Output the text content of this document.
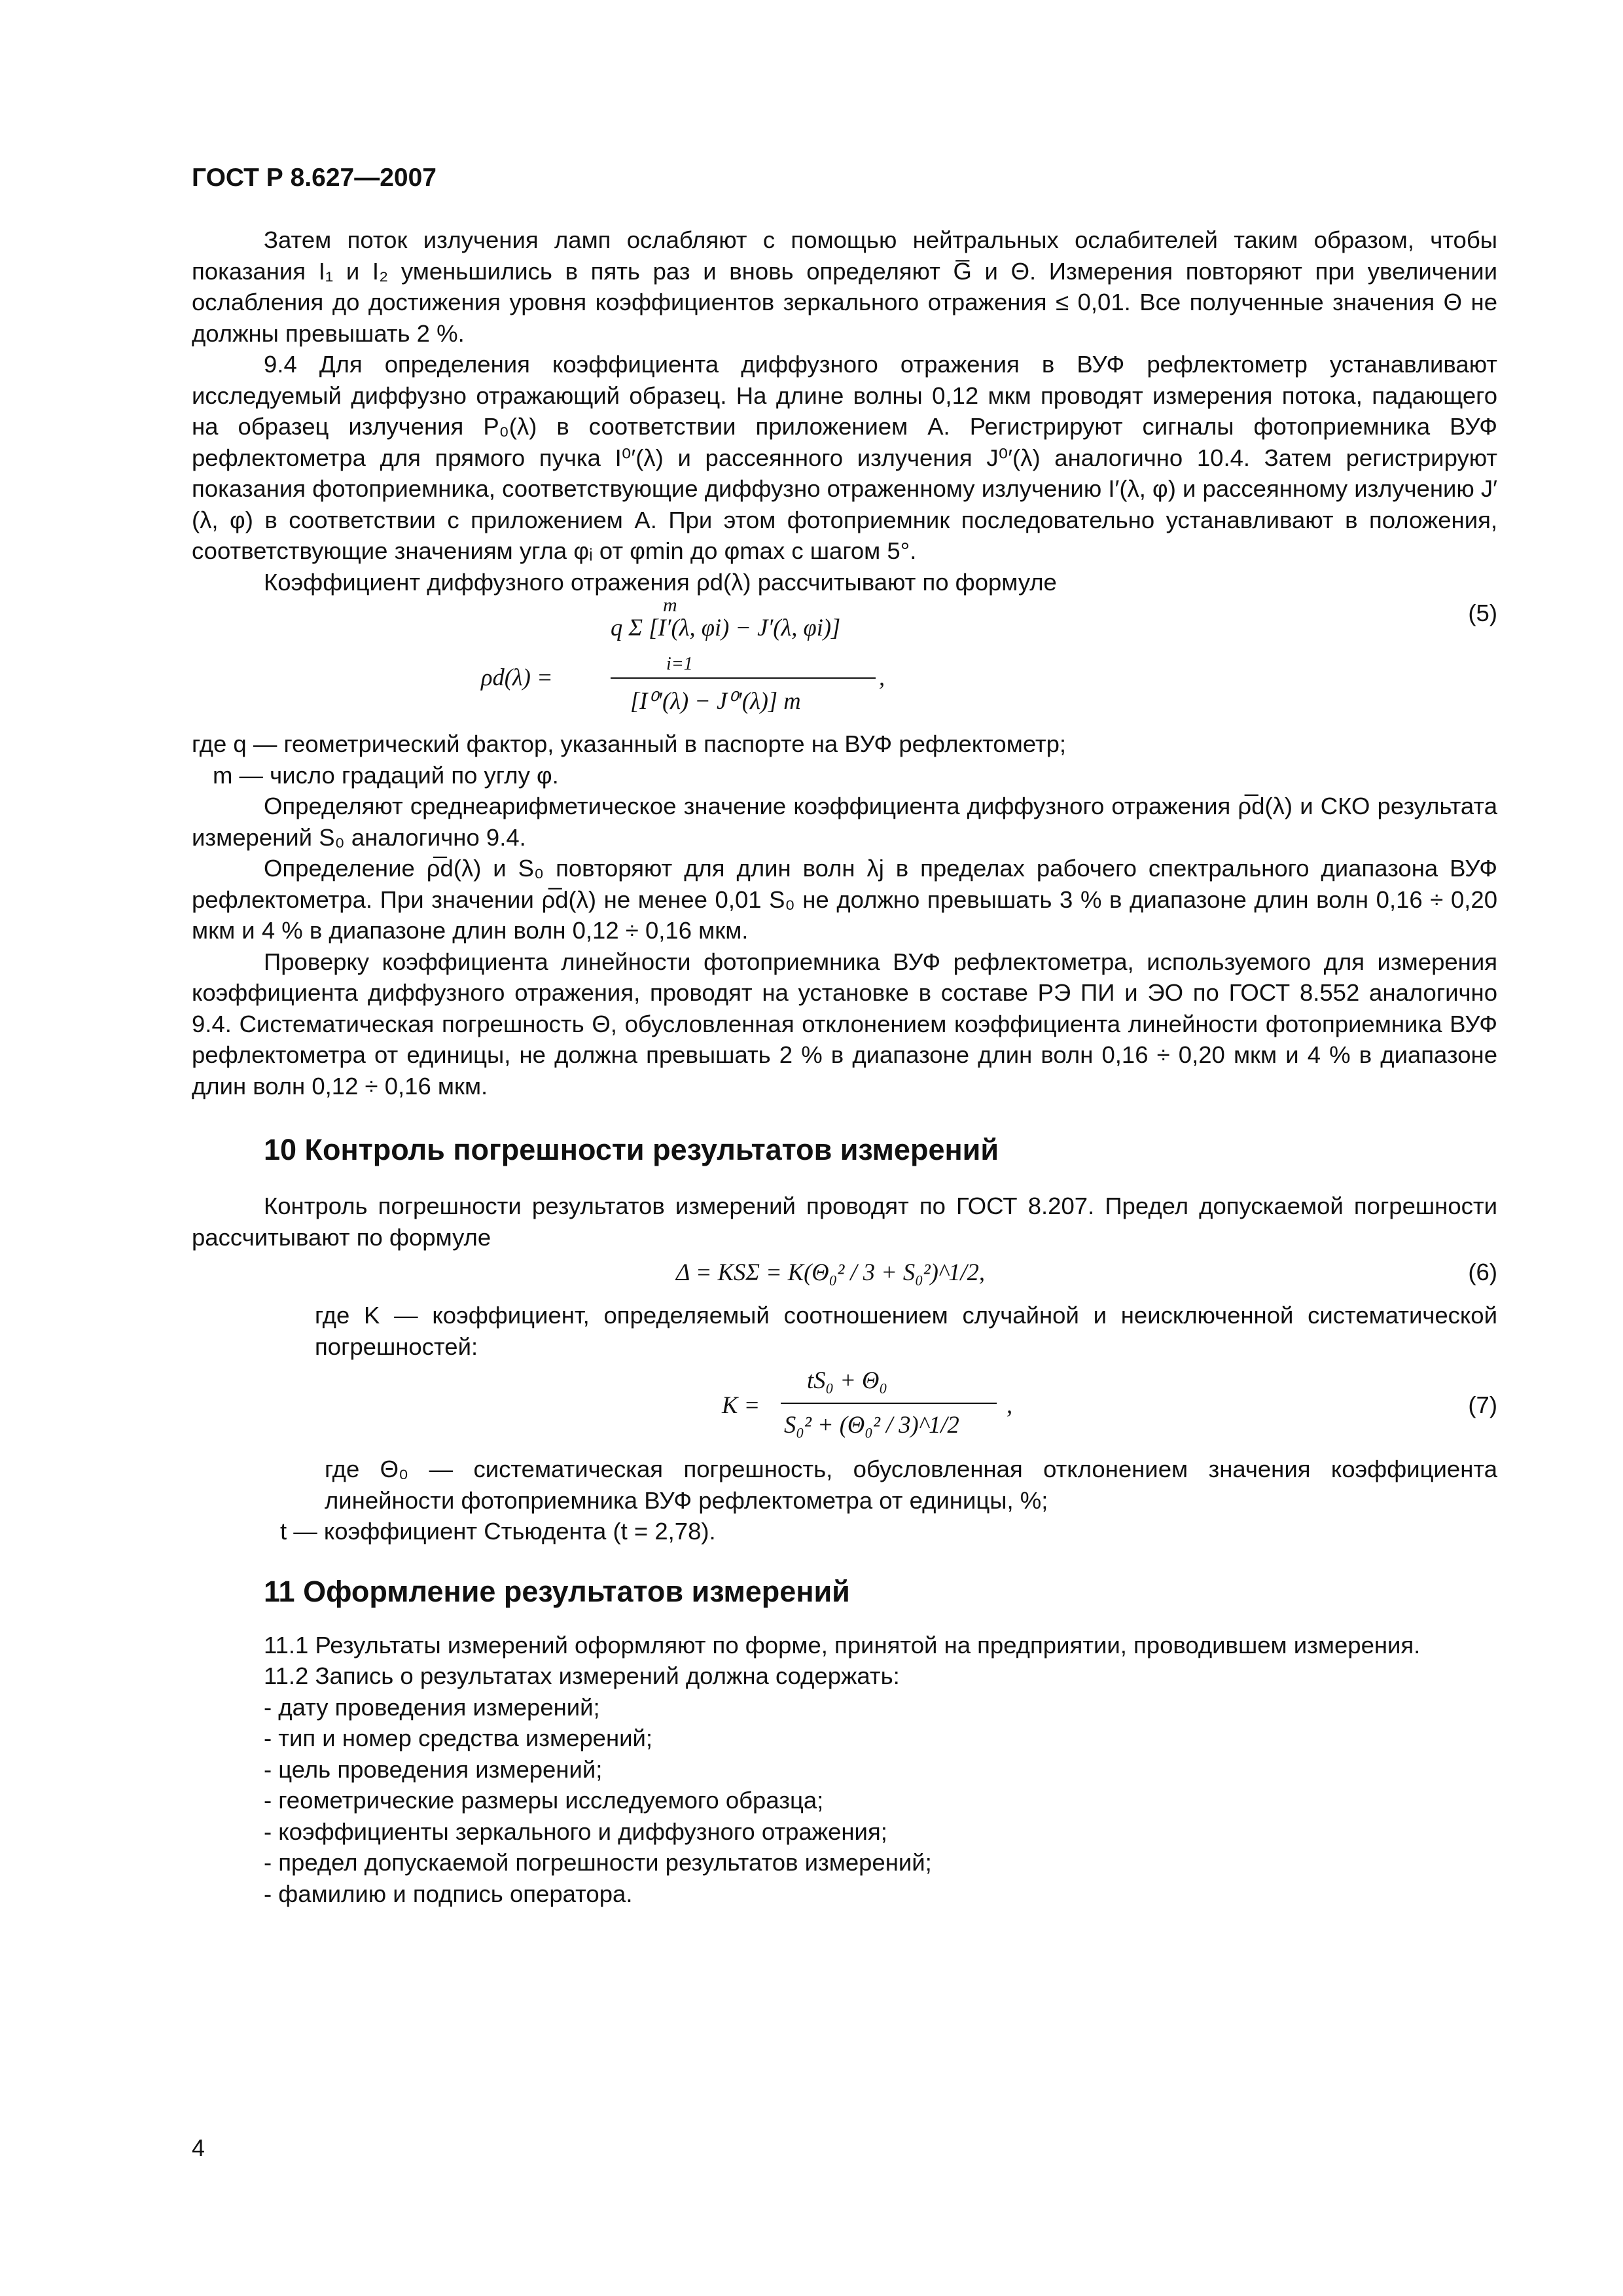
ГОСТ Р 8.627—2007

Затем поток излучения ламп ослабляют с помощью нейтральных ослабителей таким образом, чтобы показания I₁ и I₂ уменьшились в пять раз и вновь определяют G̅ и Θ. Измерения повторяют при увеличении ослабления до достижения уровня коэффициентов зеркального отражения ≤ 0,01. Все полученные значения Θ не должны превышать 2 %.

9.4 Для определения коэффициента диффузного отражения в ВУФ рефлектометр устанавливают исследуемый диффузно отражающий образец. На длине волны 0,12 мкм проводят измерения потока, падающего на образец излучения P₀(λ) в соответствии приложением А. Регистрируют сигналы фотоприемника ВУФ рефлектометра для прямого пучка I⁰′(λ) и рассеянного излучения J⁰′(λ) аналогично 10.4. Затем регистрируют показания фотоприемника, соответствующие диффузно отраженному излучению I′(λ, φ) и рассеянному излучению J′(λ, φ) в соответствии с приложением А. При этом фотоприемник последовательно устанавливают в положения, соответствующие значениям угла φᵢ от φmin до φmax с шагом 5°.

Коэффициент диффузного отражения ρd(λ) рассчитывают по формуле

(5)
m
i=1
q Σ [I′(λ, φi) − J′(λ, φi)]
ρd(λ) =	,
[I⁰′(λ) − J⁰′(λ)] m

где q — геометрический фактор, указанный в паспорте на ВУФ рефлектометр;

m — число градаций по углу φ.

Определяют среднеарифметическое значение коэффициента диффузного отражения ρ̅d(λ) и СКО результата измерений S₀ аналогично 9.4.

Определение ρ̅d(λ) и S₀ повторяют для длин волн λj в пределах рабочего спектрального диапазона ВУФ рефлектометра. При значении ρ̅d(λ) не менее 0,01 S₀ не должно превышать 3 % в диапазоне длин волн 0,16 ÷ 0,20 мкм и 4 % в диапазоне длин волн 0,12 ÷ 0,16 мкм.

Проверку коэффициента линейности фотоприемника ВУФ рефлектометра, используемого для измерения коэффициента диффузного отражения, проводят на установке в составе РЭ ПИ и ЭО по ГОСТ 8.552 аналогично 9.4. Систематическая погрешность Θ, обусловленная отклонением коэффициента линейности фотоприемника ВУФ рефлектометра от единицы, не должна превышать 2 % в диапазоне длин волн 0,16 ÷ 0,20 мкм и 4 % в диапазоне длин волн 0,12 ÷ 0,16 мкм.

10 Контроль погрешности результатов измерений

Контроль погрешности результатов измерений проводят по ГОСТ 8.207. Предел допускаемой погрешности рассчитывают по формуле

Δ = KSΣ = K(Θ₀² / 3 + S₀²)^1/2,	(6)

где K — коэффициент, определяемый соотношением случайной и неисключенной систематической погрешностей:

K =
tS₀ + Θ₀
S₀² + (Θ₀² / 3)^1/2
,	(7)

где Θ₀ — систематическая погрешность, обусловленная отклонением значения коэффициента линейности фотоприемника ВУФ рефлектометра от единицы, %;

t — коэффициент Стьюдента (t = 2,78).

11 Оформление результатов измерений

11.1 Результаты измерений оформляют по форме, принятой на предприятии, проводившем измерения.

11.2 Запись о результатах измерений должна содержать:

- дату проведения измерений;
- тип и номер средства измерений;
- цель проведения измерений;
- геометрические размеры исследуемого образца;
- коэффициенты зеркального и диффузного отражения;
- предел допускаемой погрешности результатов измерений;
- фамилию и подпись оператора.
4
